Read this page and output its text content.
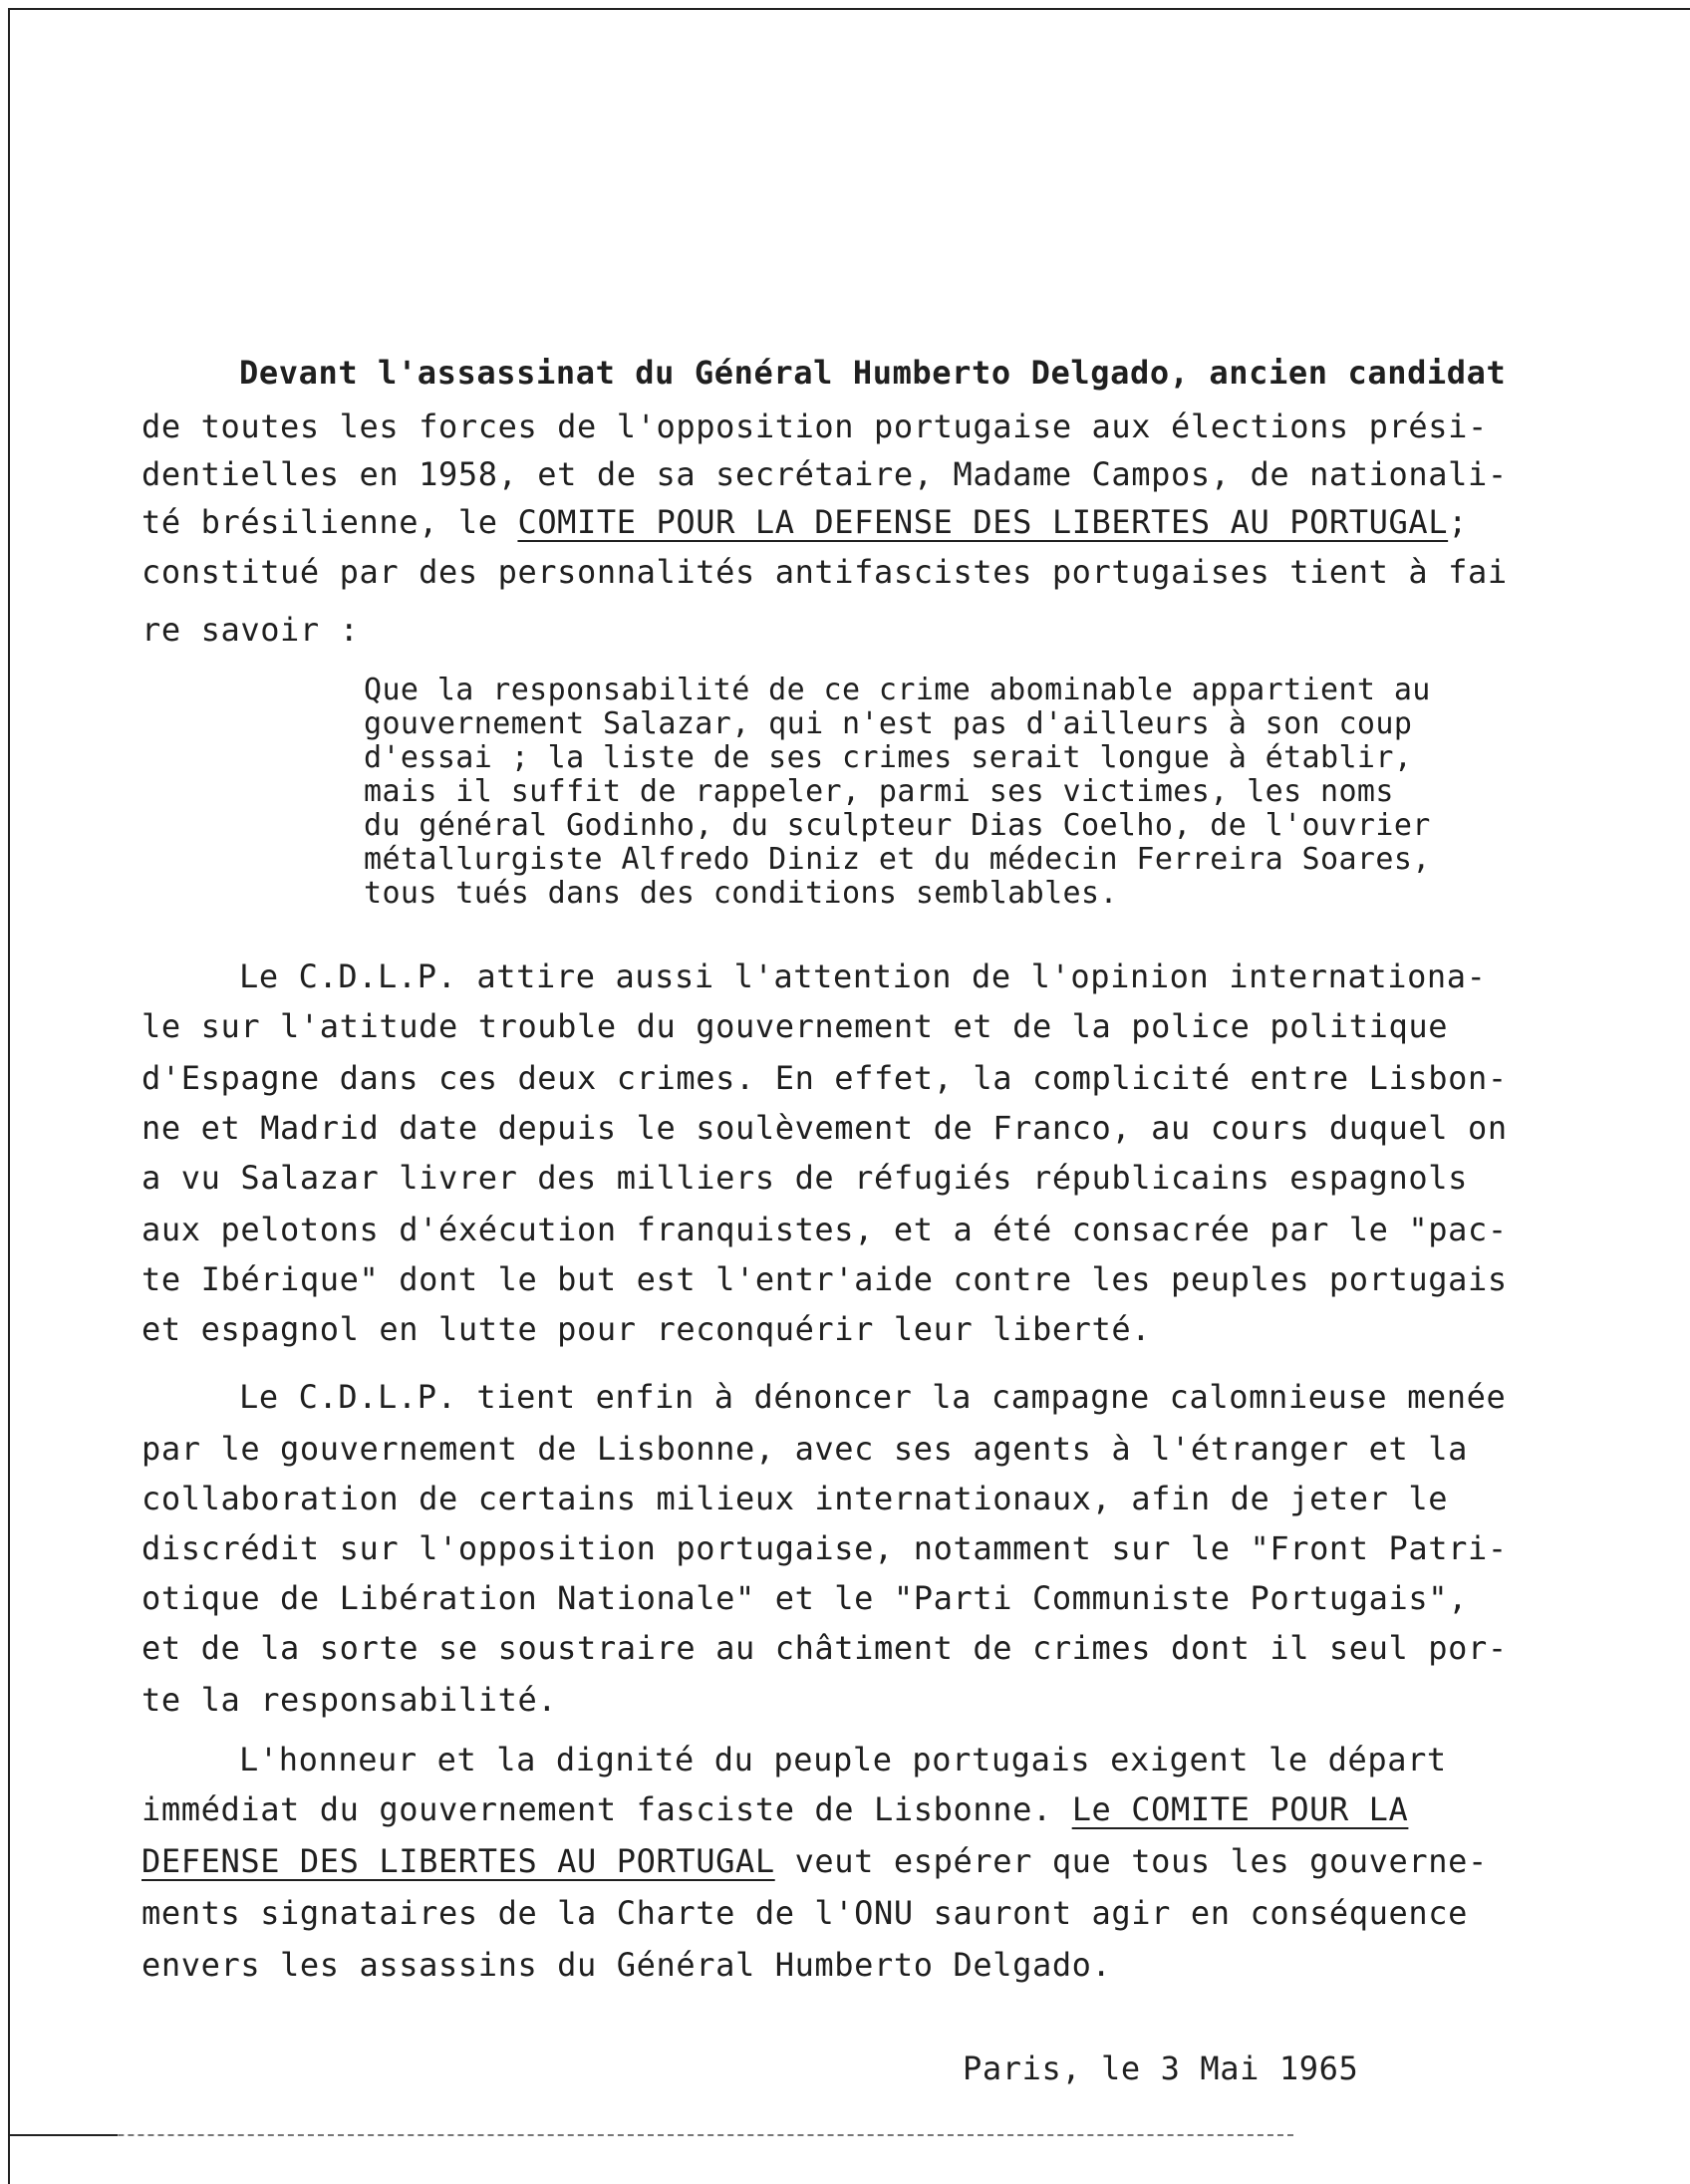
Devant l'assassinat du Général Humberto Delgado, ancien candidat
de toutes les forces de l'opposition portugaise aux élections prési-
dentielles en 1958, et de sa secrétaire, Madame Campos, de nationali-
té brésilienne, le COMITE POUR LA DEFENSE DES LIBERTES AU PORTUGAL;
constitué par des personnalités antifascistes portugaises tient à fai
re savoir :
Que la responsabilité de ce crime abominable appartient au
gouvernement Salazar, qui n'est pas d'ailleurs à son coup
d'essai ; la liste de ses crimes serait longue à établir,
mais il suffit de rappeler, parmi ses victimes, les noms
du général Godinho, du sculpteur Dias Coelho, de l'ouvrier
métallurgiste Alfredo Diniz et du médecin Ferreira Soares,
tous tués dans des conditions semblables.
Le C.D.L.P. attire aussi l'attention de l'opinion internationa-
le sur l'atitude trouble du gouvernement et de la police politique
d'Espagne dans ces deux crimes. En effet, la complicité entre Lisbon-
ne et Madrid date depuis le soulèvement de Franco, au cours duquel on
a vu Salazar livrer des milliers de réfugiés républicains espagnols
aux pelotons d'éxécution franquistes, et a été consacrée par le "pac-
te Ibérique" dont le but est l'entr'aide contre les peuples portugais
et espagnol en lutte pour reconquérir leur liberté.
Le C.D.L.P. tient enfin à dénoncer la campagne calomnieuse menée
par le gouvernement de Lisbonne, avec ses agents à l'étranger et la
collaboration de certains milieux internationaux, afin de jeter le
discrédit sur l'opposition portugaise, notamment sur le "Front Patri-
otique de Libération Nationale" et le "Parti Communiste Portugais",
et de la sorte se soustraire au châtiment de crimes dont il seul por-
te la responsabilité.
L'honneur et la dignité du peuple portugais exigent le départ
immédiat du gouvernement fasciste de Lisbonne. Le COMITE POUR LA
DEFENSE DES LIBERTES AU PORTUGAL veut espérer que tous les gouverne-
ments signataires de la Charte de l'ONU sauront agir en conséquence
envers les assassins du Général Humberto Delgado.
Paris, le 3 Mai 1965
